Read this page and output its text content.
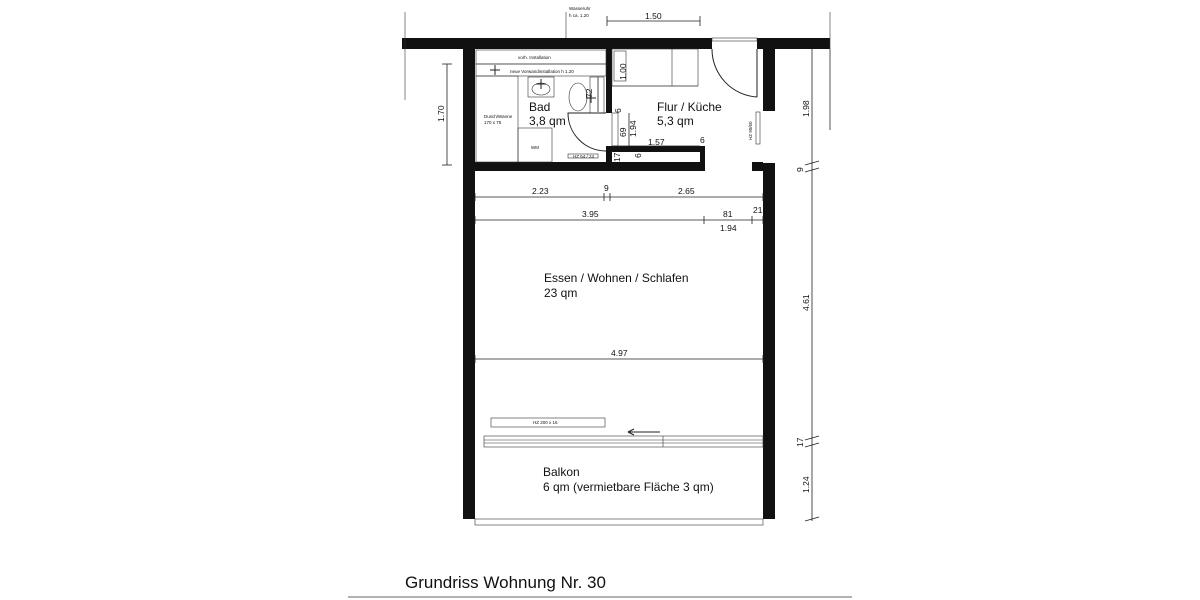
Bad
3,8 qm
Flur / Küche
5,3 qm
Essen / Wohnen / Schlafen
23 qm
Balkon
6 qm (vermietbare Fläche 3 qm)
Wasseruhr
h ca. 1.20
vorh. Installation
neue Vorwandinstallation h 1.20
Dusch/Wanne
170 x 75
WM
HZ 64 / 24
HZ 90/60
HZ 200 x 16
1.00
1.50
1.70	1.98
9
4.61
17
1.24
72
6
69 1.94
1.57	6
17 6
2.23	9	2.65
3.95	81 21
1.94
4.97
Grundriss Wohnung Nr. 30
